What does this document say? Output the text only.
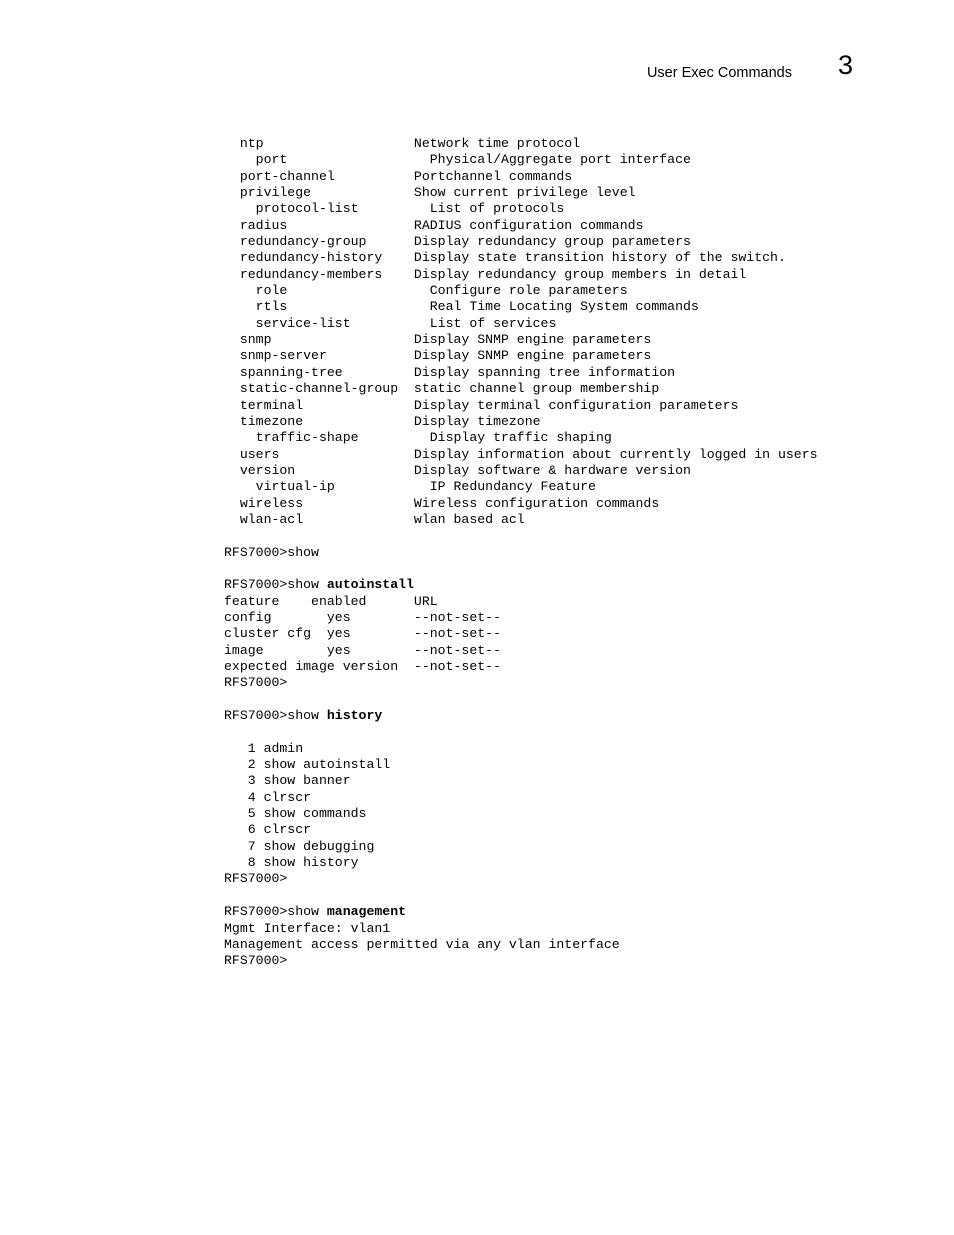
User Exec Commands 3
ntp                   Network time protocol
port                  Physical/Aggregate port interface
port-channel          Portchannel commands
privilege             Show current privilege level
protocol-list         List of protocols
radius                RADIUS configuration commands
redundancy-group      Display redundancy group parameters
redundancy-history    Display state transition history of the switch.
redundancy-members    Display redundancy group members in detail
role                  Configure role parameters
rtls                  Real Time Locating System commands
service-list          List of services
snmp                  Display SNMP engine parameters
snmp-server           Display SNMP engine parameters
spanning-tree         Display spanning tree information
static-channel-group  static channel group membership
terminal              Display terminal configuration parameters
timezone              Display timezone
traffic-shape         Display traffic shaping
users                 Display information about currently logged in users
version               Display software & hardware version
virtual-ip            IP Redundancy Feature
wireless              Wireless configuration commands
wlan-acl              wlan based acl
RFS7000>show
RFS7000>show autoinstall
feature    enabled      URL
config       yes        --not-set--
cluster cfg  yes        --not-set--
image        yes        --not-set--
expected image version  --not-set--
RFS7000>
RFS7000>show history
1 admin
2 show autoinstall
3 show banner
4 clrscr
5 show commands
6 clrscr
7 show debugging
8 show history
RFS7000>
RFS7000>show management
Mgmt Interface: vlan1
Management access permitted via any vlan interface
RFS7000>
